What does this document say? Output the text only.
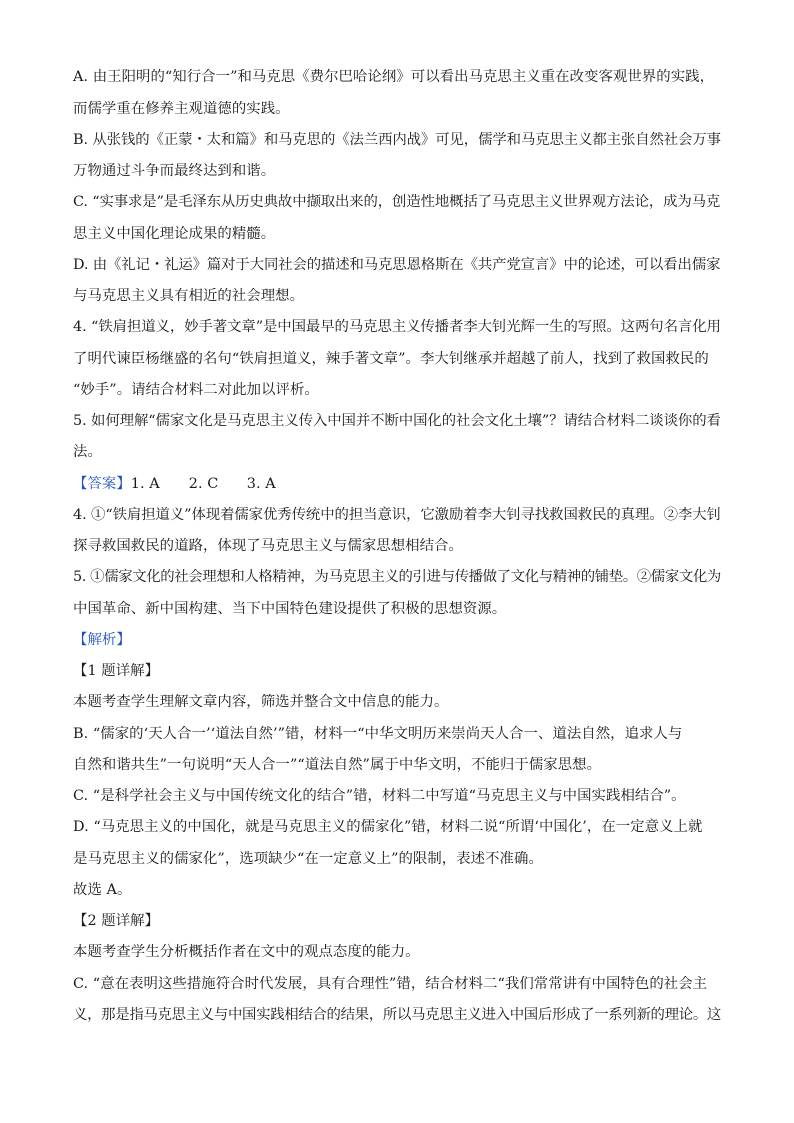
A. 由王阳明的“知行合一”和马克思《费尔巴哈论纲》可以看出马克思主义重在改变客观世界的实践，
而儒学重在修养主观道德的实践。
B. 从张钱的《正蒙・太和篇》和马克思的《法兰西内战》可见，儒学和马克思主义都主张自然社会万事
万物通过斗争而最终达到和谐。
C. “实事求是”是毛泽东从历史典故中撷取出来的，创造性地概括了马克思主义世界观方法论，成为马克
思主义中国化理论成果的精髓。
D. 由《礼记・礼运》篇对于大同社会的描述和马克思恩格斯在《共产党宣言》中的论述，可以看出儒家
与马克思主义具有相近的社会理想。
4. “铁肩担道义，妙手著文章”是中国最早的马克思主义传播者李大钊光辉一生的写照。这两句名言化用
了明代谏臣杨继盛的名句“铁肩担道义，辣手著文章”。李大钊继承并超越了前人，找到了救国救民的
“妙手”。请结合材料二对此加以评析。
5. 如何理解“儒家文化是马克思主义传入中国并不断中国化的社会文化土壤”？请结合材料二谈谈你的看
法。
【答案】1. A 2. C 3. A
4. ①“铁肩担道义”体现着儒家优秀传统中的担当意识，它激励着李大钊寻找救国救民的真理。②李大钊
探寻救国救民的道路，体现了马克思主义与儒家思想相结合。
5. ①儒家文化的社会理想和人格精神，为马克思主义的引进与传播做了文化与精神的铺垫。②儒家文化为
中国革命、新中国构建、当下中国特色建设提供了积极的思想资源。
【解析】
【1 题详解】
本题考查学生理解文章内容，筛选并整合文中信息的能力。
B. “儒家的‘天人合一’‘道法自然’”错，材料一“中华文明历来崇尚天人合一、道法自然，追求人与
自然和谐共生”一句说明“天人合一”“道法自然”属于中华文明，不能归于儒家思想。
C. “是科学社会主义与中国传统文化的结合”错，材料二中写道“马克思主义与中国实践相结合”。
D. “马克思主义的中国化，就是马克思主义的儒家化”错，材料二说“所谓‘中国化’，在一定意义上就
是马克思主义的儒家化”，选项缺少“在一定意义上”的限制，表述不准确。
故选 A。
【2 题详解】
本题考查学生分析概括作者在文中的观点态度的能力。
C. “意在表明这些措施符合时代发展，具有合理性”错，结合材料二“我们常常讲有中国特色的社会主
义，那是指马克思主义与中国实践相结合的结果，所以马克思主义进入中国后形成了一系列新的理论。这
